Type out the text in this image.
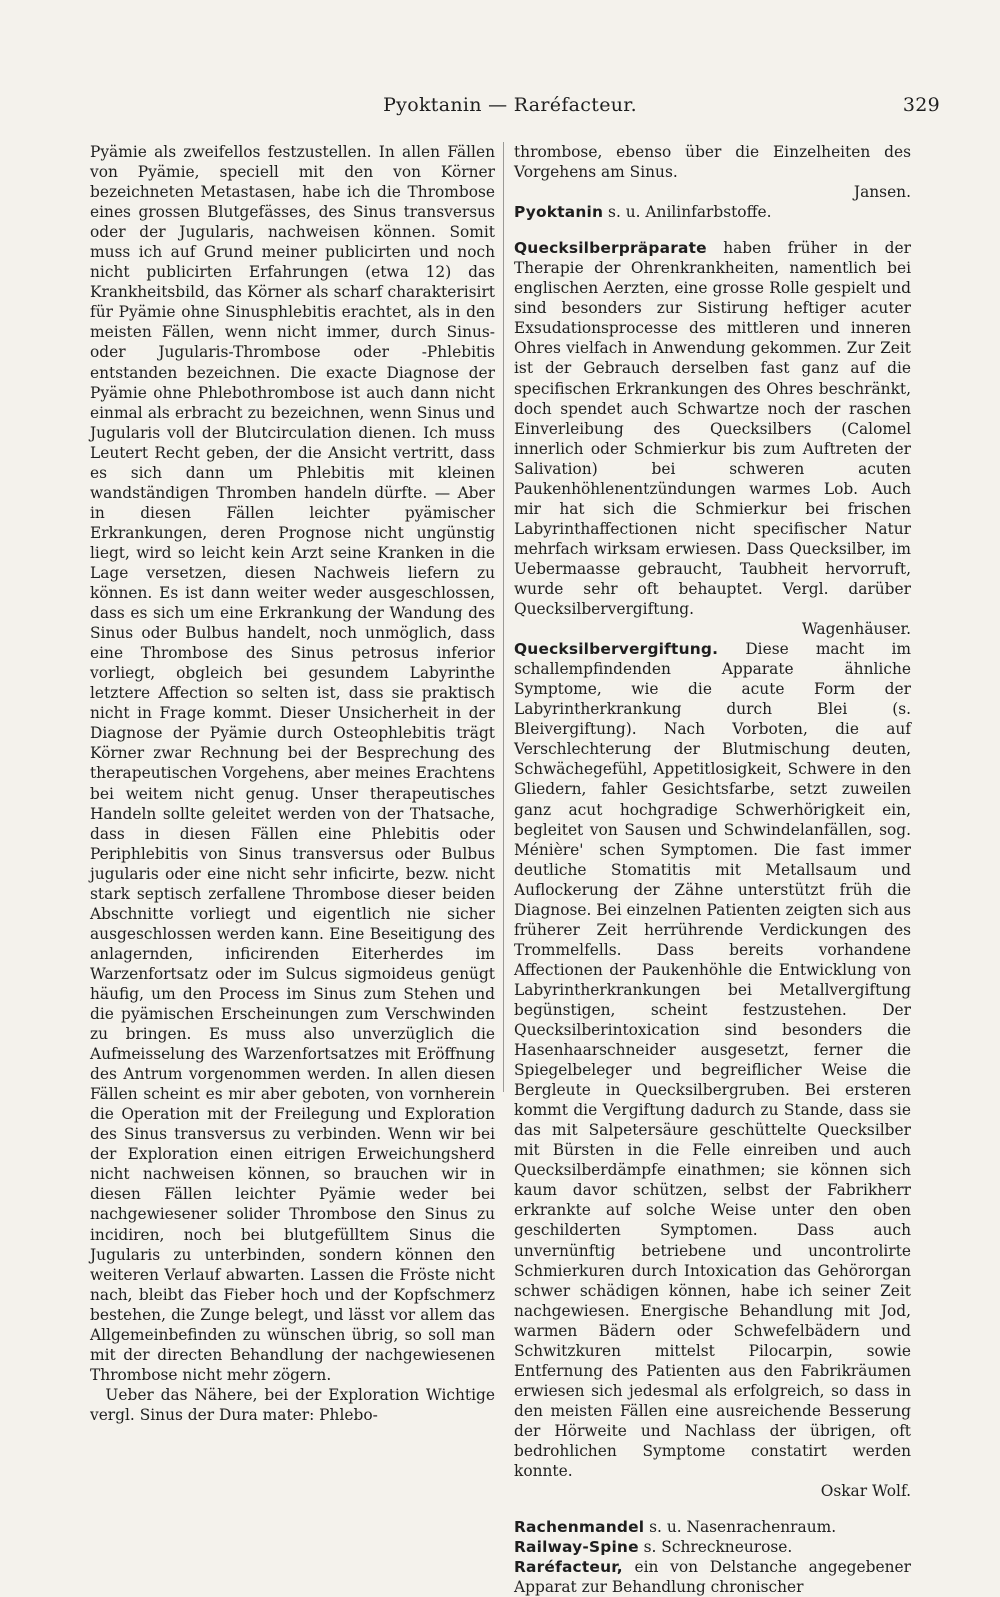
Pyoktanin — Raréfacteur.	329

Pyämie als zweifellos festzustellen. In allen Fällen von Pyämie, speciell mit den von Körner bezeichneten Metastasen, habe ich die Thrombose eines grossen Blutgefässes, des Sinus transversus oder der Jugularis, nachweisen können. Somit muss ich auf Grund meiner publicirten und noch nicht publicirten Erfahrungen (etwa 12) das Krankheitsbild, das Körner als scharf charakterisirt für Pyämie ohne Sinusphlebitis erachtet, als in den meisten Fällen, wenn nicht immer, durch Sinus- oder Jugularis-Thrombose oder -Phlebitis entstanden bezeichnen. Die exacte Diagnose der Pyämie ohne Phlebothrombose ist auch dann nicht einmal als erbracht zu bezeichnen, wenn Sinus und Jugularis voll der Blutcirculation dienen. Ich muss Leutert Recht geben, der die Ansicht vertritt, dass es sich dann um Phlebitis mit kleinen wandständigen Thromben handeln dürfte. — Aber in diesen Fällen leichter pyämischer Erkrankungen, deren Prognose nicht ungünstig liegt, wird so leicht kein Arzt seine Kranken in die Lage versetzen, diesen Nachweis liefern zu können. Es ist dann weiter weder ausgeschlossen, dass es sich um eine Erkrankung der Wandung des Sinus oder Bulbus handelt, noch unmöglich, dass eine Thrombose des Sinus petrosus inferior vorliegt, obgleich bei gesundem Labyrinthe letztere Affection so selten ist, dass sie praktisch nicht in Frage kommt. Dieser Unsicherheit in der Diagnose der Pyämie durch Osteophlebitis trägt Körner zwar Rechnung bei der Besprechung des therapeutischen Vorgehens, aber meines Erachtens bei weitem nicht genug. Unser therapeutisches Handeln sollte geleitet werden von der Thatsache, dass in diesen Fällen eine Phlebitis oder Periphlebitis von Sinus transversus oder Bulbus jugularis oder eine nicht sehr inficirte, bezw. nicht stark septisch zerfallene Thrombose dieser beiden Abschnitte vorliegt und eigentlich nie sicher ausgeschlossen werden kann. Eine Beseitigung des anlagernden, inficirenden Eiterherdes im Warzenfortsatz oder im Sulcus sigmoideus genügt häufig, um den Process im Sinus zum Stehen und die pyämischen Erscheinungen zum Verschwinden zu bringen. Es muss also unverzüglich die Aufmeisselung des Warzenfortsatzes mit Eröffnung des Antrum vorgenommen werden. In allen diesen Fällen scheint es mir aber geboten, von vornherein die Operation mit der Freilegung und Exploration des Sinus transversus zu verbinden. Wenn wir bei der Exploration einen eitrigen Erweichungsherd nicht nachweisen können, so brauchen wir in diesen Fällen leichter Pyämie weder bei nachgewiesener solider Thrombose den Sinus zu incidiren, noch bei blutgefülltem Sinus die Jugularis zu unterbinden, sondern können den weiteren Verlauf abwarten. Lassen die Fröste nicht nach, bleibt das Fieber hoch und der Kopfschmerz bestehen, die Zunge belegt, und lässt vor allem das Allgemeinbefinden zu wünschen übrig, so soll man mit der directen Behandlung der nachgewiesenen Thrombose nicht mehr zögern.

 Ueber das Nähere, bei der Exploration Wichtige vergl. Sinus der Dura mater: Phlebo-

thrombose, ebenso über die Einzelheiten des Vorgehens am Sinus.
Jansen.

Pyoktanin s. u. Anilinfarbstoffe.

Quecksilberpräparate haben früher in der Therapie der Ohrenkrankheiten, namentlich bei englischen Aerzten, eine grosse Rolle gespielt und sind besonders zur Sistirung heftiger acuter Exsudationsprocesse des mittleren und inneren Ohres vielfach in Anwendung gekommen. Zur Zeit ist der Gebrauch derselben fast ganz auf die specifischen Erkrankungen des Ohres beschränkt, doch spendet auch Schwartze noch der raschen Einverleibung des Quecksilbers (Calomel innerlich oder Schmierkur bis zum Auftreten der Salivation) bei schweren acuten Paukenhöhlenentzündungen warmes Lob. Auch mir hat sich die Schmierkur bei frischen Labyrinthaffectionen nicht specifischer Natur mehrfach wirksam erwiesen. Dass Quecksilber, im Uebermaasse gebraucht, Taubheit hervorruft, wurde sehr oft behauptet. Vergl. darüber Quecksilbervergiftung.
Wagenhäuser.

Quecksilbervergiftung. Diese macht im schallempfindenden Apparate ähnliche Symptome, wie die acute Form der Labyrintherkrankung durch Blei (s. Bleivergiftung). Nach Vorboten, die auf Verschlechterung der Blutmischung deuten, Schwächegefühl, Appetitlosigkeit, Schwere in den Gliedern, fahler Gesichtsfarbe, setzt zuweilen ganz acut hochgradige Schwerhörigkeit ein, begleitet von Sausen und Schwindelanfällen, sog. Ménière' schen Symptomen. Die fast immer deutliche Stomatitis mit Metallsaum und Auflockerung der Zähne unterstützt früh die Diagnose. Bei einzelnen Patienten zeigten sich aus früherer Zeit herrührende Verdickungen des Trommelfells. Dass bereits vorhandene Affectionen der Paukenhöhle die Entwicklung von Labyrintherkrankungen bei Metallvergiftung begünstigen, scheint festzustehen. Der Quecksilberintoxication sind besonders die Hasenhaarschneider ausgesetzt, ferner die Spiegelbeleger und begreiflicher Weise die Bergleute in Quecksilbergruben. Bei ersteren kommt die Vergiftung dadurch zu Stande, dass sie das mit Salpetersäure geschüttelte Quecksilber mit Bürsten in die Felle einreiben und auch Quecksilberdämpfe einathmen; sie können sich kaum davor schützen, selbst der Fabrikherr erkrankte auf solche Weise unter den oben geschilderten Symptomen. Dass auch unvernünftig betriebene und uncontrolirte Schmierkuren durch Intoxication das Gehörorgan schwer schädigen können, habe ich seiner Zeit nachgewiesen. Energische Behandlung mit Jod, warmen Bädern oder Schwefelbädern und Schwitzkuren mittelst Pilocarpin, sowie Entfernung des Patienten aus den Fabrikräumen erwiesen sich jedesmal als erfolgreich, so dass in den meisten Fällen eine ausreichende Besserung der Hörweite und Nachlass der übrigen, oft bedrohlichen Symptome constatirt werden konnte.
Oskar Wolf.

Rachenmandel s. u. Nasenrachenraum.

Railway-Spine s. Schreckneurose.

Raréfacteur, ein von Delstanche angegebener Apparat zur Behandlung chronischer
